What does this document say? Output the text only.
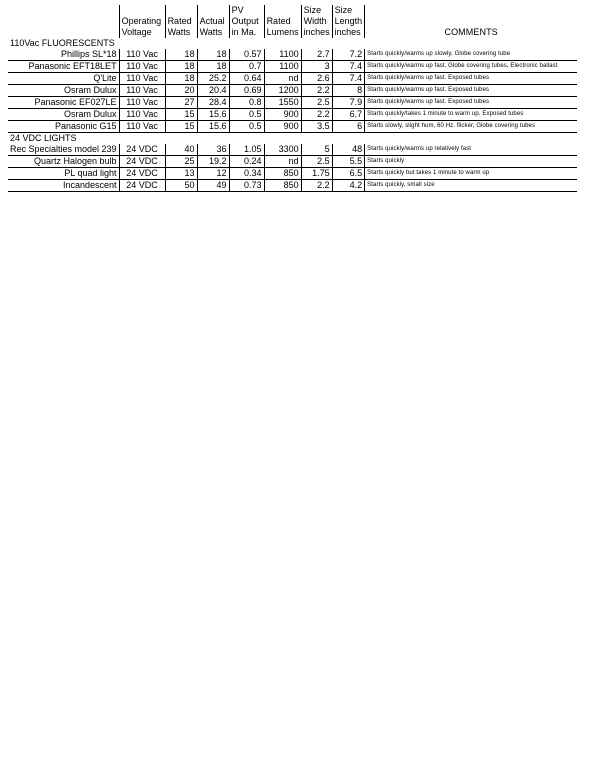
				PV		Size	Size	
	Operating	Rated	Actual	Output	Rated	Width	Length	
	Voltage	Watts	Watts	in Ma.	Lumens	inches	inches	COMMENTS
110Vac FLUORESCENTS								
Phillips SL*18	110 Vac	18	18	0.57	1100	2.7	7.2	Starts quickly/warms up slowly, Globe covering tube
Panasonic EFT18LET	110 Vac	18	18	0.7	1100	3	7.4	Starts quickly/warms up fast, Globe covering tubes, Electronic ballast
Q'Lite	110 Vac	18	25.2	0.64	nd	2.6	7.4	Starts quickly/warms up fast. Exposed tubes
Osram Dulux	110 Vac	20	20.4	0.69	1200	2.2	8	Starts quickly/warms up fast. Exposed tubes
Panasonic EF027LE	110 Vac	27	28.4	0.8	1550	2.5	7.9	Starts quickly/warms up fast. Exposed tubes
Osram Dulux	110 Vac	15	15.6	0.5	900	2.2	6.7	Starts quickly/takes 1 minute to warm up. Exposed tubes
Panasonic G15	110 Vac	15	15.6	0.5	900	3.5	6	Starts slowly, slight hum, 60 Hz. flicker, Globe covering tubes
24 VDC LIGHTS								
Rec Specialties model 239	24 VDC	40	36	1.05	3300	5	48	Starts quickly/warms up relatively fast
Quartz Halogen bulb	24 VDC	25	19.2	0.24	nd	2.5	5.5	Starts quickly
PL quad light	24 VDC	13	12	0.34	850	1.75	6.5	Starts quickly but takes 1 minute to warm up
Incandescent	24 VDC	50	49	0.73	850	2.2	4.2	Starts quickly, small size
